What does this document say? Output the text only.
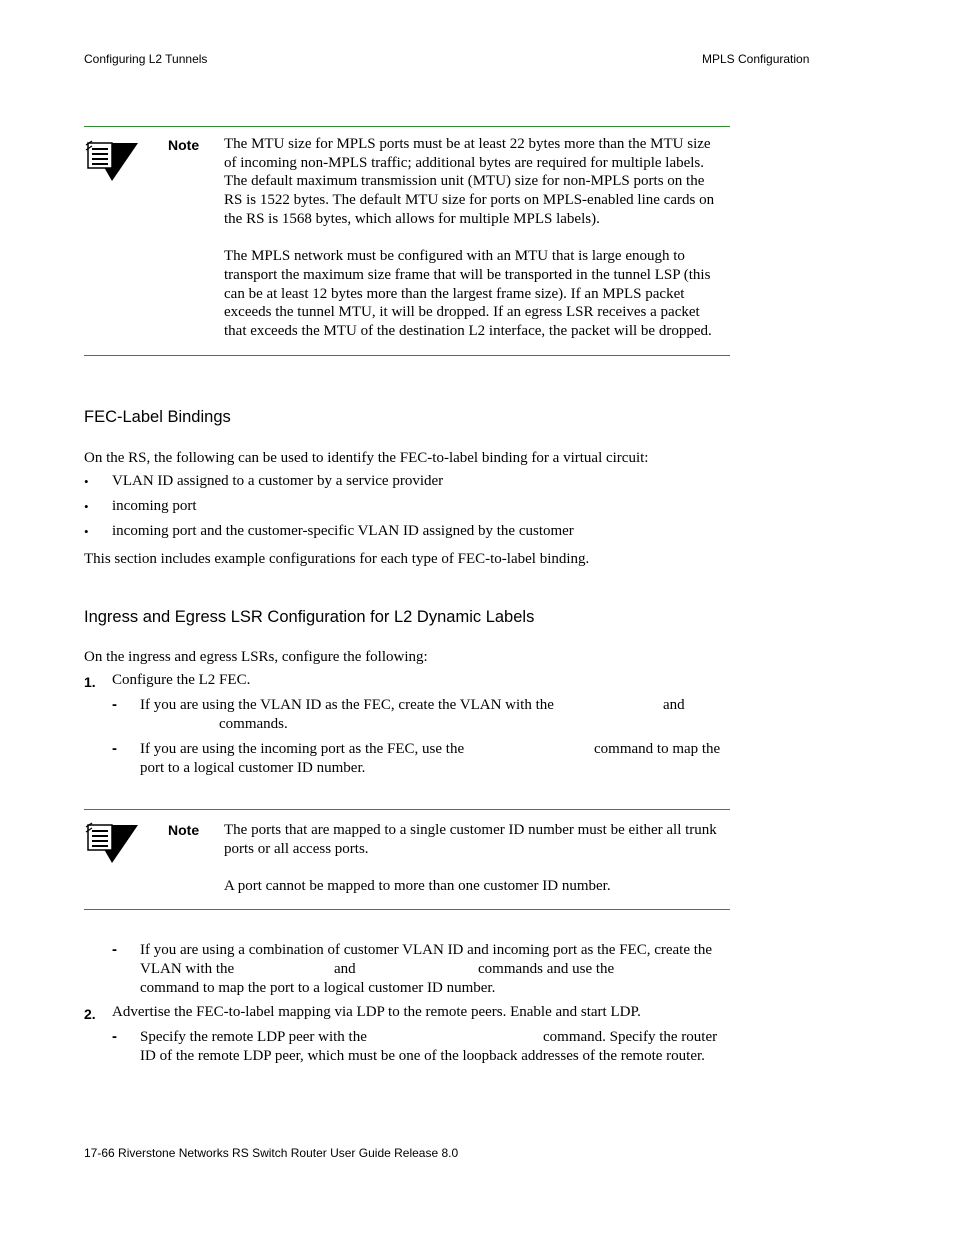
Configuring L2 Tunnels	MPLS Configuration
Note The MTU size for MPLS ports must be at least 22 bytes more than the MTU size
of incoming non-MPLS traffic; additional bytes are required for multiple labels.
The default maximum transmission unit (MTU) size for non-MPLS ports on the
RS is 1522 bytes. The default MTU size for ports on MPLS-enabled line cards on
the RS is 1568 bytes, which allows for multiple MPLS labels).
The MPLS network must be configured with an MTU that is large enough to
transport the maximum size frame that will be transported in the tunnel LSP (this
can be at least 12 bytes more than the largest frame size). If an MPLS packet
exceeds the tunnel MTU, it will be dropped. If an egress LSR receives a packet
that exceeds the MTU of the destination L2 interface, the packet will be dropped.
FEC-Label Bindings
On the RS, the following can be used to identify the FEC-to-label binding for a virtual circuit:
• VLAN ID assigned to a customer by a service provider
• incoming port
• incoming port and the customer-specific VLAN ID assigned by the customer
This section includes example configurations for each type of FEC-to-label binding.
Ingress and Egress LSR Configuration for L2 Dynamic Labels
On the ingress and egress LSRs, configure the following:
1. Configure the L2 FEC.
- If you are using the VLAN ID as the FEC, create the VLAN with the	and
commands.
- If you are using the incoming port as the FEC, use the	command to map the
port to a logical customer ID number.
Note The ports that are mapped to a single customer ID number must be either all trunk
ports or all access ports.
A port cannot be mapped to more than one customer ID number.
- If you are using a combination of customer VLAN ID and incoming port as the FEC, create the
VLAN with the	and	commands and use the
command to map the port to a logical customer ID number.
2. Advertise the FEC-to-label mapping via LDP to the remote peers. Enable and start LDP.
- Specify the remote LDP peer with the	command. Specify the router
ID of the remote LDP peer, which must be one of the loopback addresses of the remote router.
17-66 Riverstone Networks RS Switch Router User Guide Release 8.0
